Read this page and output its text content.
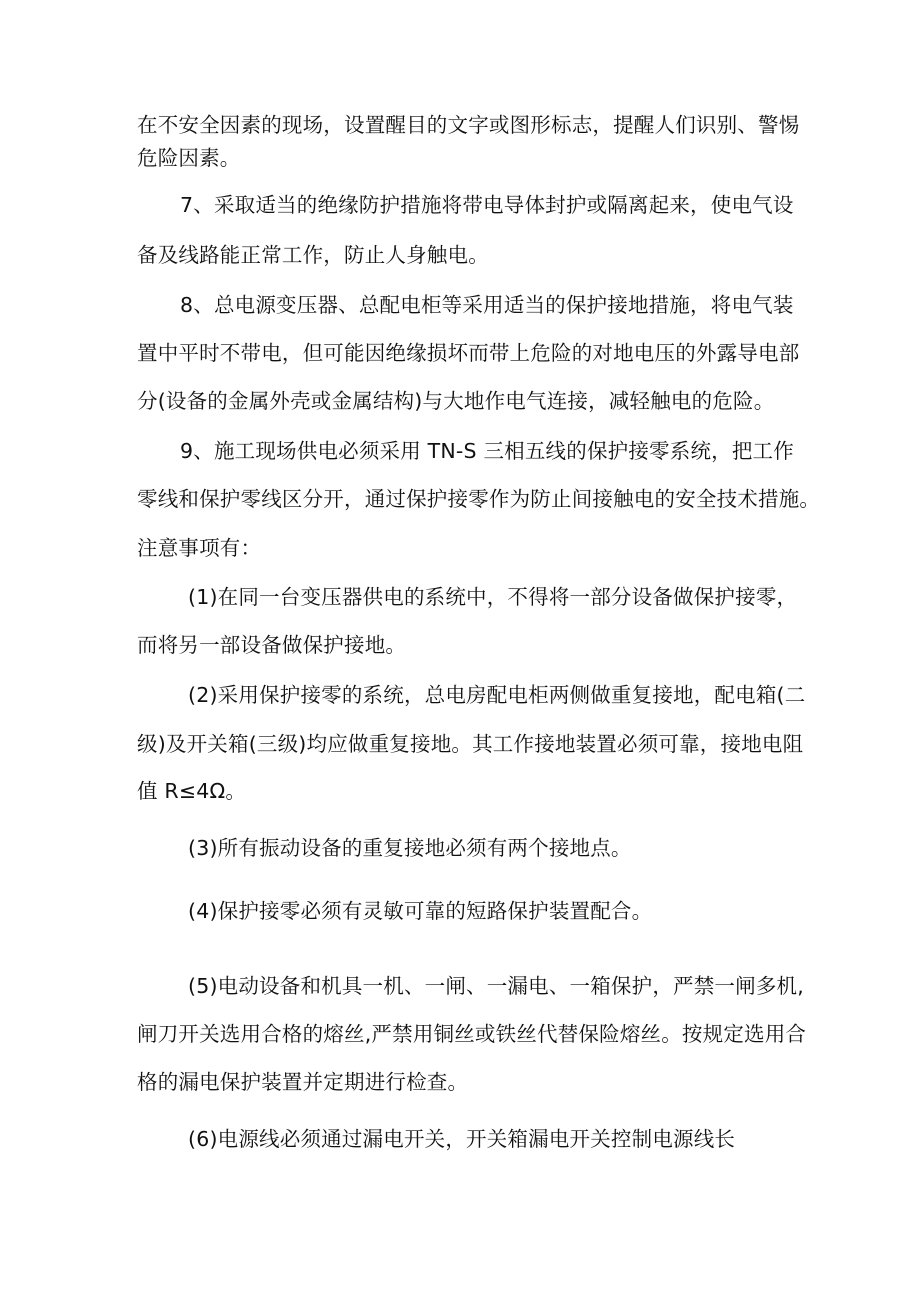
在不安全因素的现场，设置醒目的文字或图形标志，提醒人们识别、警惕
危险因素。
7、采取适当的绝缘防护措施将带电导体封护或隔离起来，使电气设
备及线路能正常工作，防止人身触电。
8、总电源变压器、总配电柜等采用适当的保护接地措施，将电气装
置中平时不带电，但可能因绝缘损坏而带上危险的对地电压的外露导电部
分(设备的金属外壳或金属结构)与大地作电气连接，减轻触电的危险。
9、施工现场供电必须采用 TN-S 三相五线的保护接零系统，把工作
零线和保护零线区分开，通过保护接零作为防止间接触电的安全技术措施。
注意事项有：
(1)在同一台变压器供电的系统中，不得将一部分设备做保护接零，
而将另一部设备做保护接地。
(2)采用保护接零的系统，总电房配电柜两侧做重复接地，配电箱(二
级)及开关箱(三级)均应做重复接地。其工作接地装置必须可靠，接地电阻
值 R≤4Ω。
(3)所有振动设备的重复接地必须有两个接地点。
(4)保护接零必须有灵敏可靠的短路保护装置配合。
(5)电动设备和机具一机、一闸、一漏电、一箱保护，严禁一闸多机,
闸刀开关选用合格的熔丝,严禁用铜丝或铁丝代替保险熔丝。按规定选用合
格的漏电保护装置并定期进行检查。
(6)电源线必须通过漏电开关，开关箱漏电开关控制电源线长
